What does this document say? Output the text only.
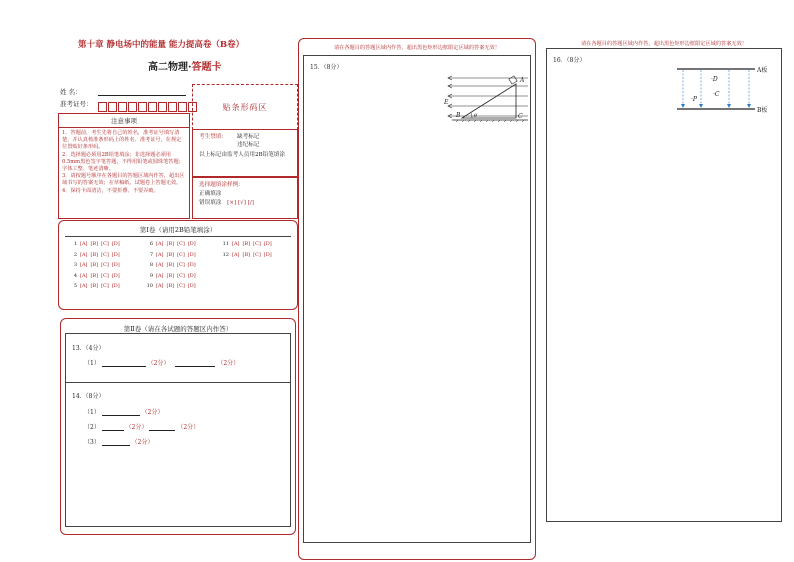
第十章 静电场中的能量 能力提高卷（B卷）
高二物理·答题卡
姓 名：
准考证号：	贴条形码区
注意事项
1．答题前，考生先将自己的姓名，准考证号填写清楚，并认真核准条形码上的姓名、准考证号，在规定位置贴好条形码。
2．选择题必须用2B铅笔填涂；非选择题必须用0.5mm黑色签字笔答题，不得用铅笔或圆珠笔答题；字体工整、笔迹清晰。
3．请按题号顺序在各题目的答题区域内作答，超出区域书写的答案无效；在草稿纸、试题卷上答题无效。
4．保持卡面清洁，不要折叠、不要弄破。
考生禁填： 缺考标记
违纪标记
以上标记由监考人员用2B铅笔填涂
选择题填涂样例：
正确填涂
错误填涂 [×] [√] [/]
第Ⅰ卷（请用2B铅笔填涂）
1 [A] [B] [C] [D]
2 [A] [B] [C] [D]
3 [A] [B] [C] [D]
4 [A] [B] [C] [D]
5 [A] [B] [C] [D]
6 [A] [B] [C] [D]
7 [A] [B] [C] [D]
8 [A] [B] [C] [D]
9 [A] [B] [C] [D]
10 [A] [B] [C] [D]
11 [A] [B] [C] [D]
12 [A] [B] [C] [D]
第Ⅱ卷（请在各试题的答题区内作答）
13．（4分）
（1）	（2分）	（2分）
14．（8分）
（1）	（2分）
（2）	（2分）	（2分）
（3）	（2分）
请在各题目的答题区域内作答，超出黑色矩形边框限定区域的答案无效！
15．（8分）
A
B	C
E
θ
请在各题目的答题区域内作答，超出黑色矩形边框限定区域的答案无效！
16．（8分）
A板
B板
·D
·C
·P
